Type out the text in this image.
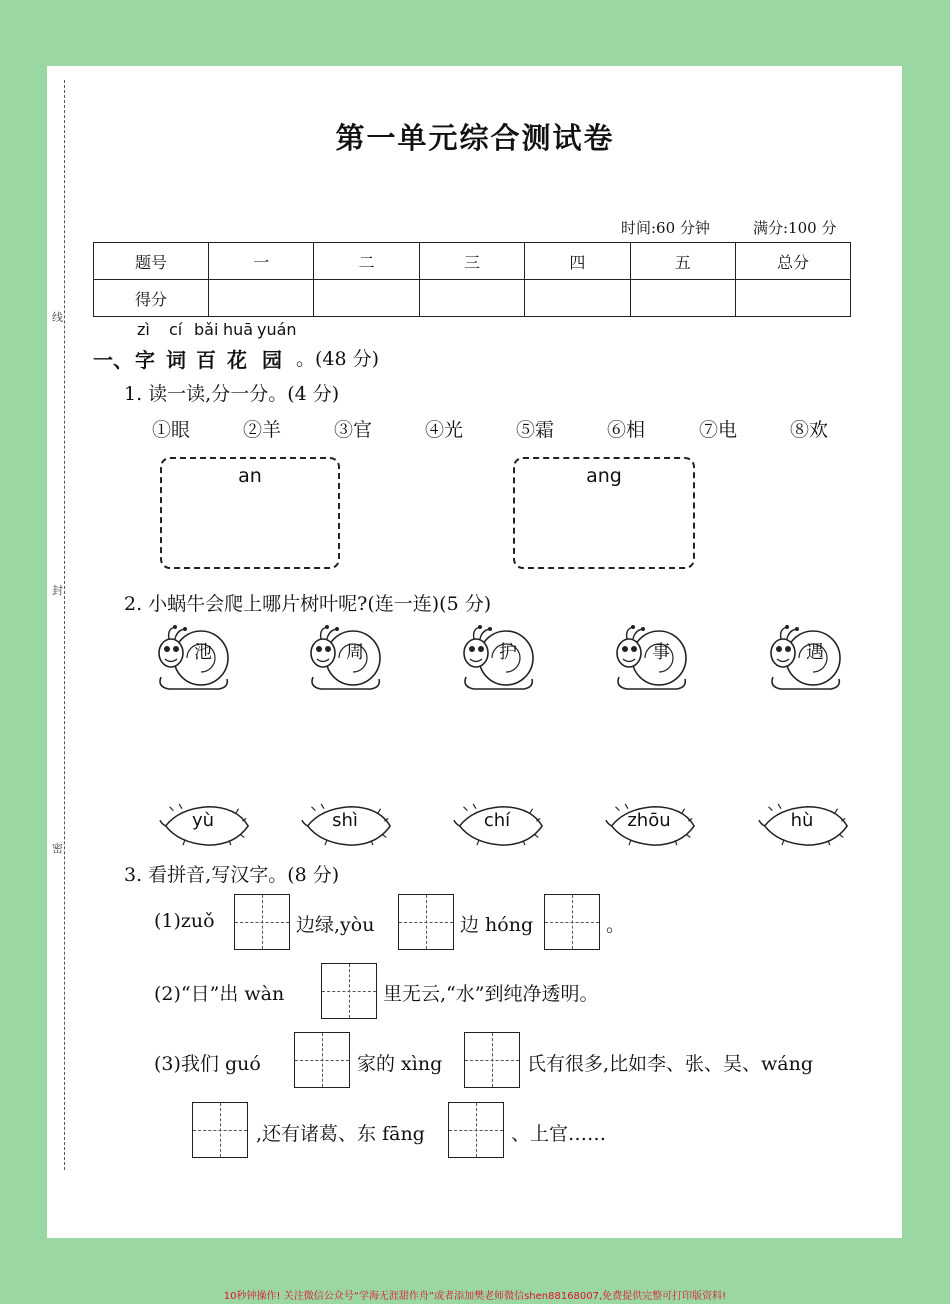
线
封
密
第一单元综合测试卷
时间:60 分钟	满分:100 分
题号	一	二	三	四	五	总分
得分						
zì cí bǎi huā yuán
一、 字 词 百 花 园 。(48 分)
1. 读一读,分一分。(4 分)
①眼	②羊	③官	④光	⑤霜	⑥相	⑦电	⑧欢
an	ang
2. 小蜗牛会爬上哪片树叶呢?(连一连)(5 分)
池	周	护	事	遇
yù	shì	chí	zhōu	hù
3. 看拼音,写汉字。(8 分)
(1)zuǒ	边绿,yòu	边 hóng	。
(2)“日”出 wàn	里无云,“水”到纯净透明。
(3)我们 guó	家的 xìng	氏有很多,比如李、张、吴、wáng
,还有诸葛、东 fāng	、上官……
10秒钟操作! 关注微信公众号“学海无涯甜作舟”或者添加樊老师微信shen88168007,免费提供完整可打印版资料!
